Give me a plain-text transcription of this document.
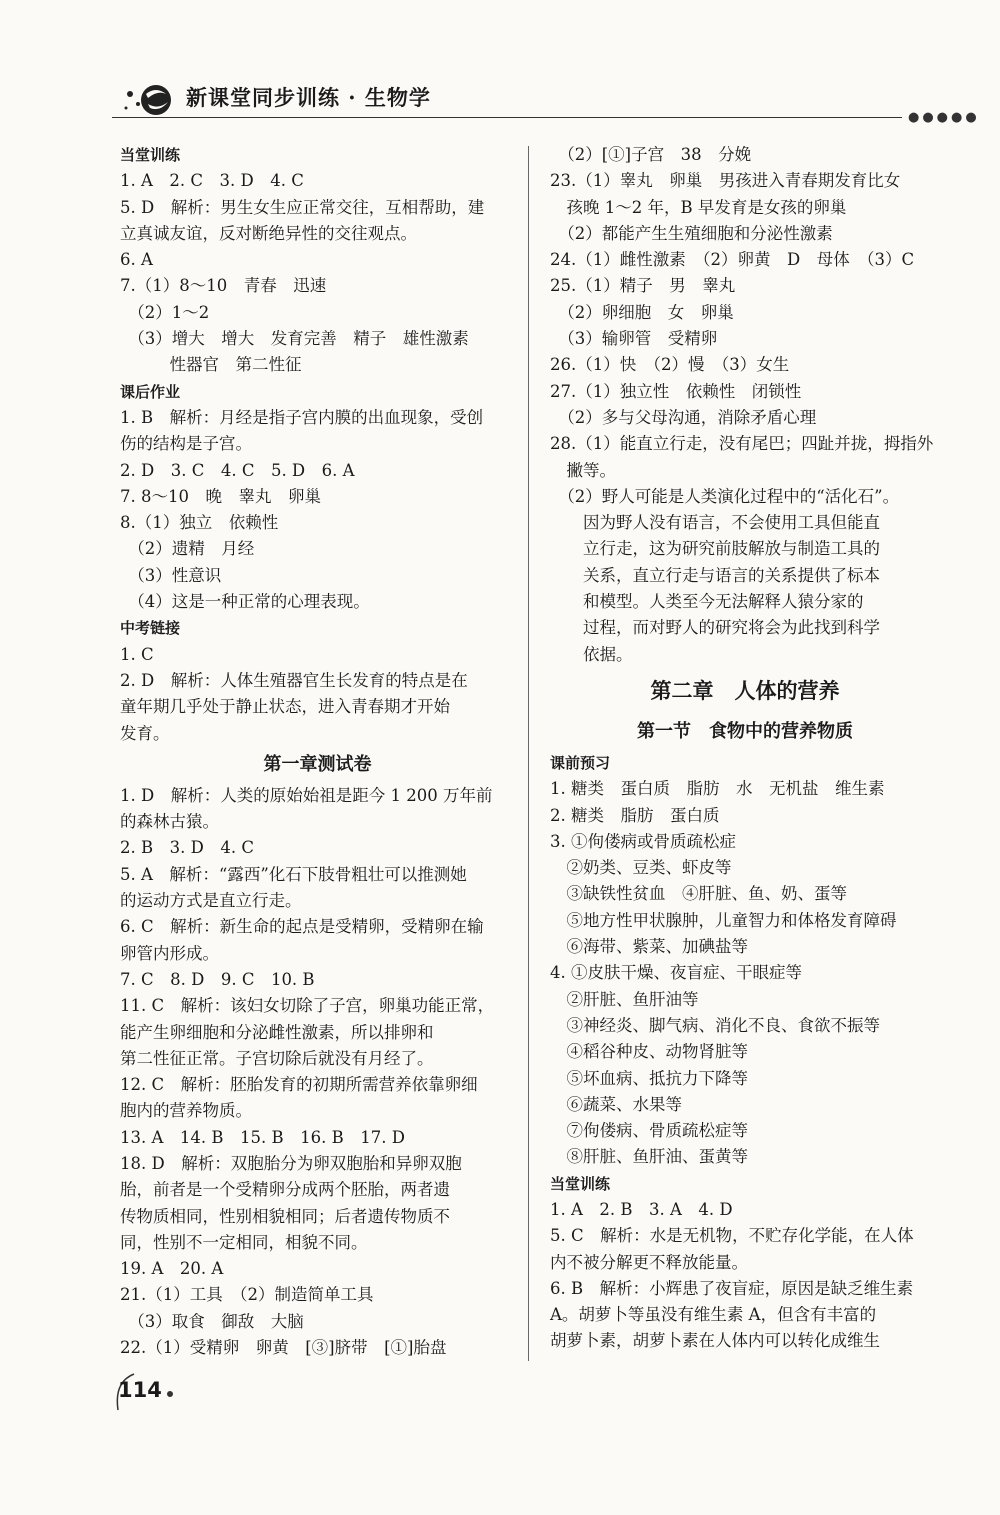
新课堂同步训练 · 生物学
●●●●●
当堂训练
1. A　2. C　3. D　4. C
5. D　解析：男生女生应正常交往，互相帮助，建
立真诚友谊，反对断绝异性的交往观点。
6. A
7.（1）8～10　青春　迅速
　（2）1～2
　（3）增大　增大　发育完善　精子　雄性激素
　　　性器官　第二性征
课后作业
1. B　解析：月经是指子宫内膜的出血现象，受创
伤的结构是子宫。
2. D　3. C　4. C　5. D　6. A
7. 8～10　晚　睾丸　卵巢
8.（1）独立　依赖性
　（2）遗精　月经
　（3）性意识
　（4）这是一种正常的心理表现。
中考链接
1. C
2. D　解析：人体生殖器官生长发育的特点是在
童年期几乎处于静止状态，进入青春期才开始
发育。
第一章测试卷
1. D　解析：人类的原始始祖是距今 1 200 万年前
的森林古猿。
2. B　3. D　4. C
5. A　解析：“露西”化石下肢骨粗壮可以推测她
的运动方式是直立行走。
6. C　解析：新生命的起点是受精卵，受精卵在输
卵管内形成。
7. C　8. D　9. C　10. B
11. C　解析：该妇女切除了子宫，卵巢功能正常，
能产生卵细胞和分泌雌性激素，所以排卵和
第二性征正常。子宫切除后就没有月经了。
12. C　解析：胚胎发育的初期所需营养依靠卵细
胞内的营养物质。
13. A　14. B　15. B　16. B　17. D
18. D　解析：双胞胎分为卵双胞胎和异卵双胞
胎，前者是一个受精卵分成两个胚胎，两者遗
传物质相同，性别相貌相同；后者遗传物质不
同，性别不一定相同，相貌不同。
19. A　20. A
21.（1）工具　（2）制造简单工具
　（3）取食　御敌　大脑
22.（1）受精卵　卵黄　[③]脐带　[①]胎盘
　（2）[①]子宫　38　分娩
23.（1）睾丸　卵巢　男孩进入青春期发育比女
　孩晚 1～2 年，B 早发育是女孩的卵巢
　（2）都能产生生殖细胞和分泌性激素
24.（1）雌性激素　（2）卵黄　D　母体　（3）C
25.（1）精子　男　睾丸
　（2）卵细胞　女　卵巢
　（3）输卵管　受精卵
26.（1）快　（2）慢　（3）女生
27.（1）独立性　依赖性　闭锁性
　（2）多与父母沟通，消除矛盾心理
28.（1）能直立行走，没有尾巴；四趾并拢，拇指外
　撇等。
　（2）野人可能是人类演化过程中的“活化石”。
　　因为野人没有语言，不会使用工具但能直
　　立行走，这为研究前肢解放与制造工具的
　　关系，直立行走与语言的关系提供了标本
　　和模型。人类至今无法解释人猿分家的
　　过程，而对野人的研究将会为此找到科学
　　依据。
第二章　人体的营养
第一节　食物中的营养物质
课前预习
1. 糖类　蛋白质　脂肪　水　无机盐　维生素
2. 糖类　脂肪　蛋白质
3. ①佝偻病或骨质疏松症
　②奶类、豆类、虾皮等
　③缺铁性贫血　④肝脏、鱼、奶、蛋等
　⑤地方性甲状腺肿，儿童智力和体格发育障碍
　⑥海带、紫菜、加碘盐等
4. ①皮肤干燥、夜盲症、干眼症等
　②肝脏、鱼肝油等
　③神经炎、脚气病、消化不良、食欲不振等
　④稻谷种皮、动物肾脏等
　⑤坏血病、抵抗力下降等
　⑥蔬菜、水果等
　⑦佝偻病、骨质疏松症等
　⑧肝脏、鱼肝油、蛋黄等
当堂训练
1. A　2. B　3. A　4. D
5. C　解析：水是无机物，不贮存化学能，在人体
内不被分解更不释放能量。
6. B　解析：小辉患了夜盲症，原因是缺乏维生素
A。胡萝卜等虽没有维生素 A，但含有丰富的
胡萝卜素，胡萝卜素在人体内可以转化成维生
114
